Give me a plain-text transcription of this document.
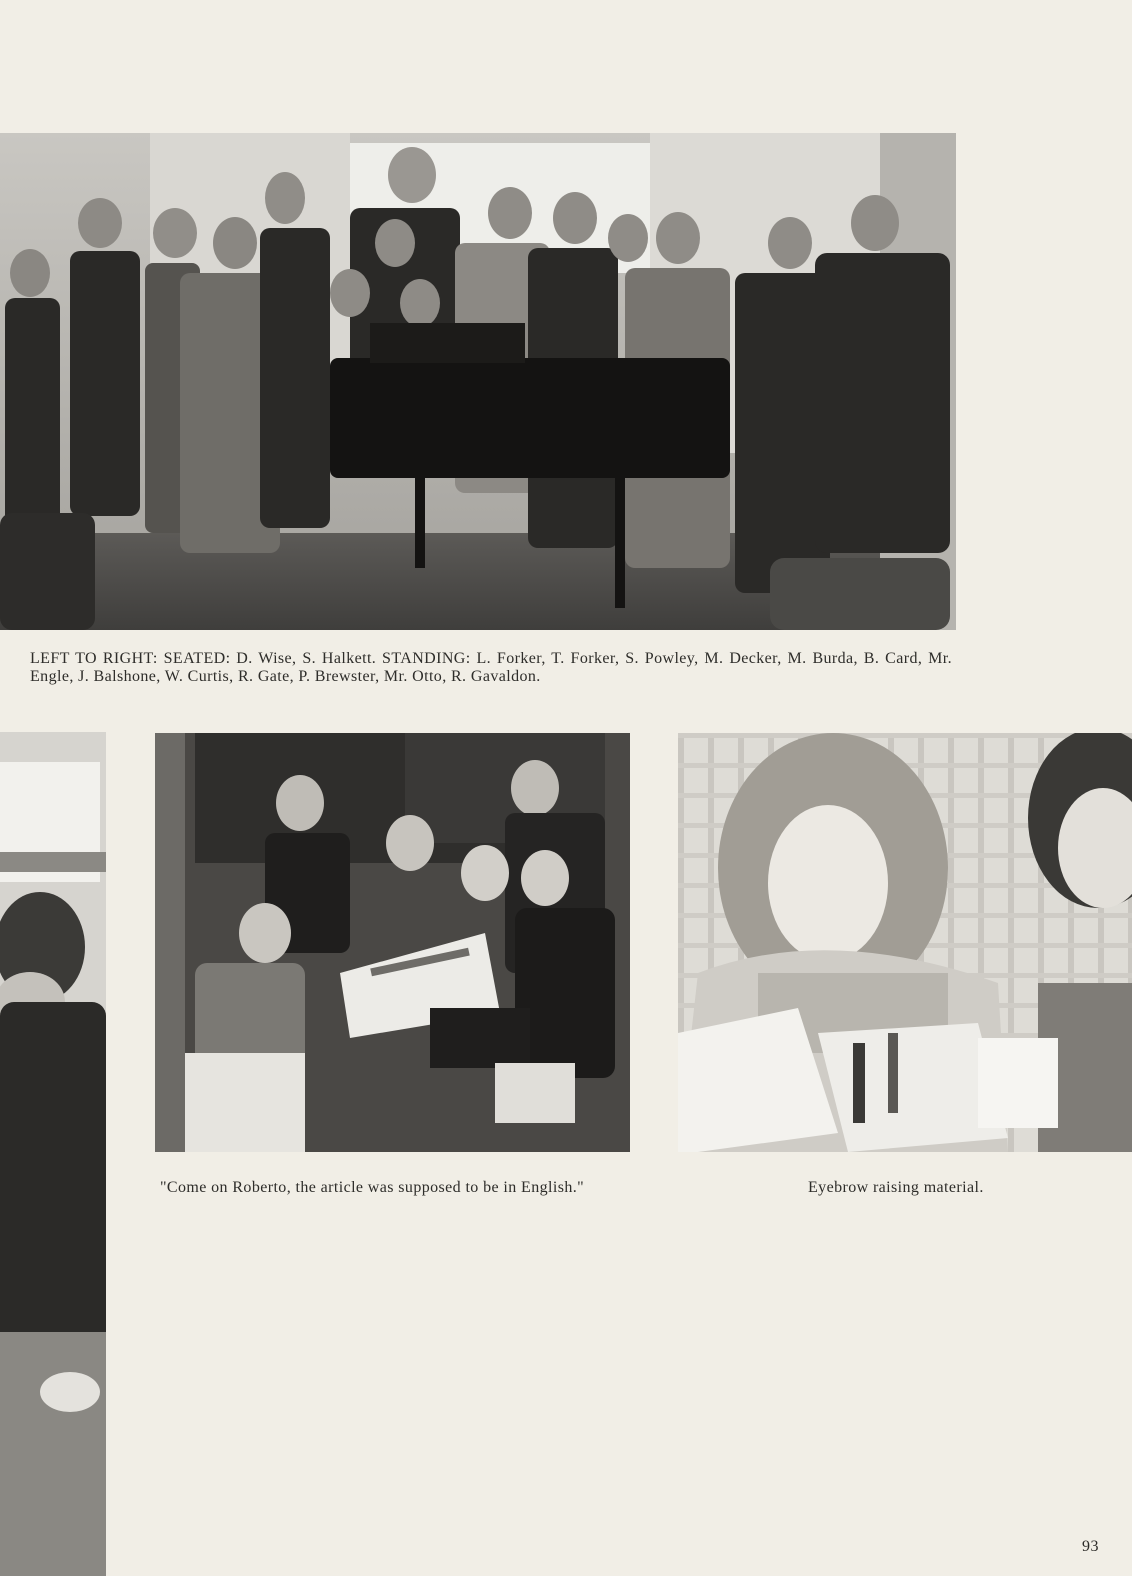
LEFT TO RIGHT: SEATED: D. Wise, S. Halkett. STANDING: L. Forker, T. Forker, S. Powley, M. Decker, M. Burda, B. Card, Mr. Engle, J. Balshone, W. Curtis, R. Gate, P. Brewster, Mr. Otto, R. Gavaldon.
"Come on Roberto, the article was supposed to be in English."	Eyebrow raising material.
93
